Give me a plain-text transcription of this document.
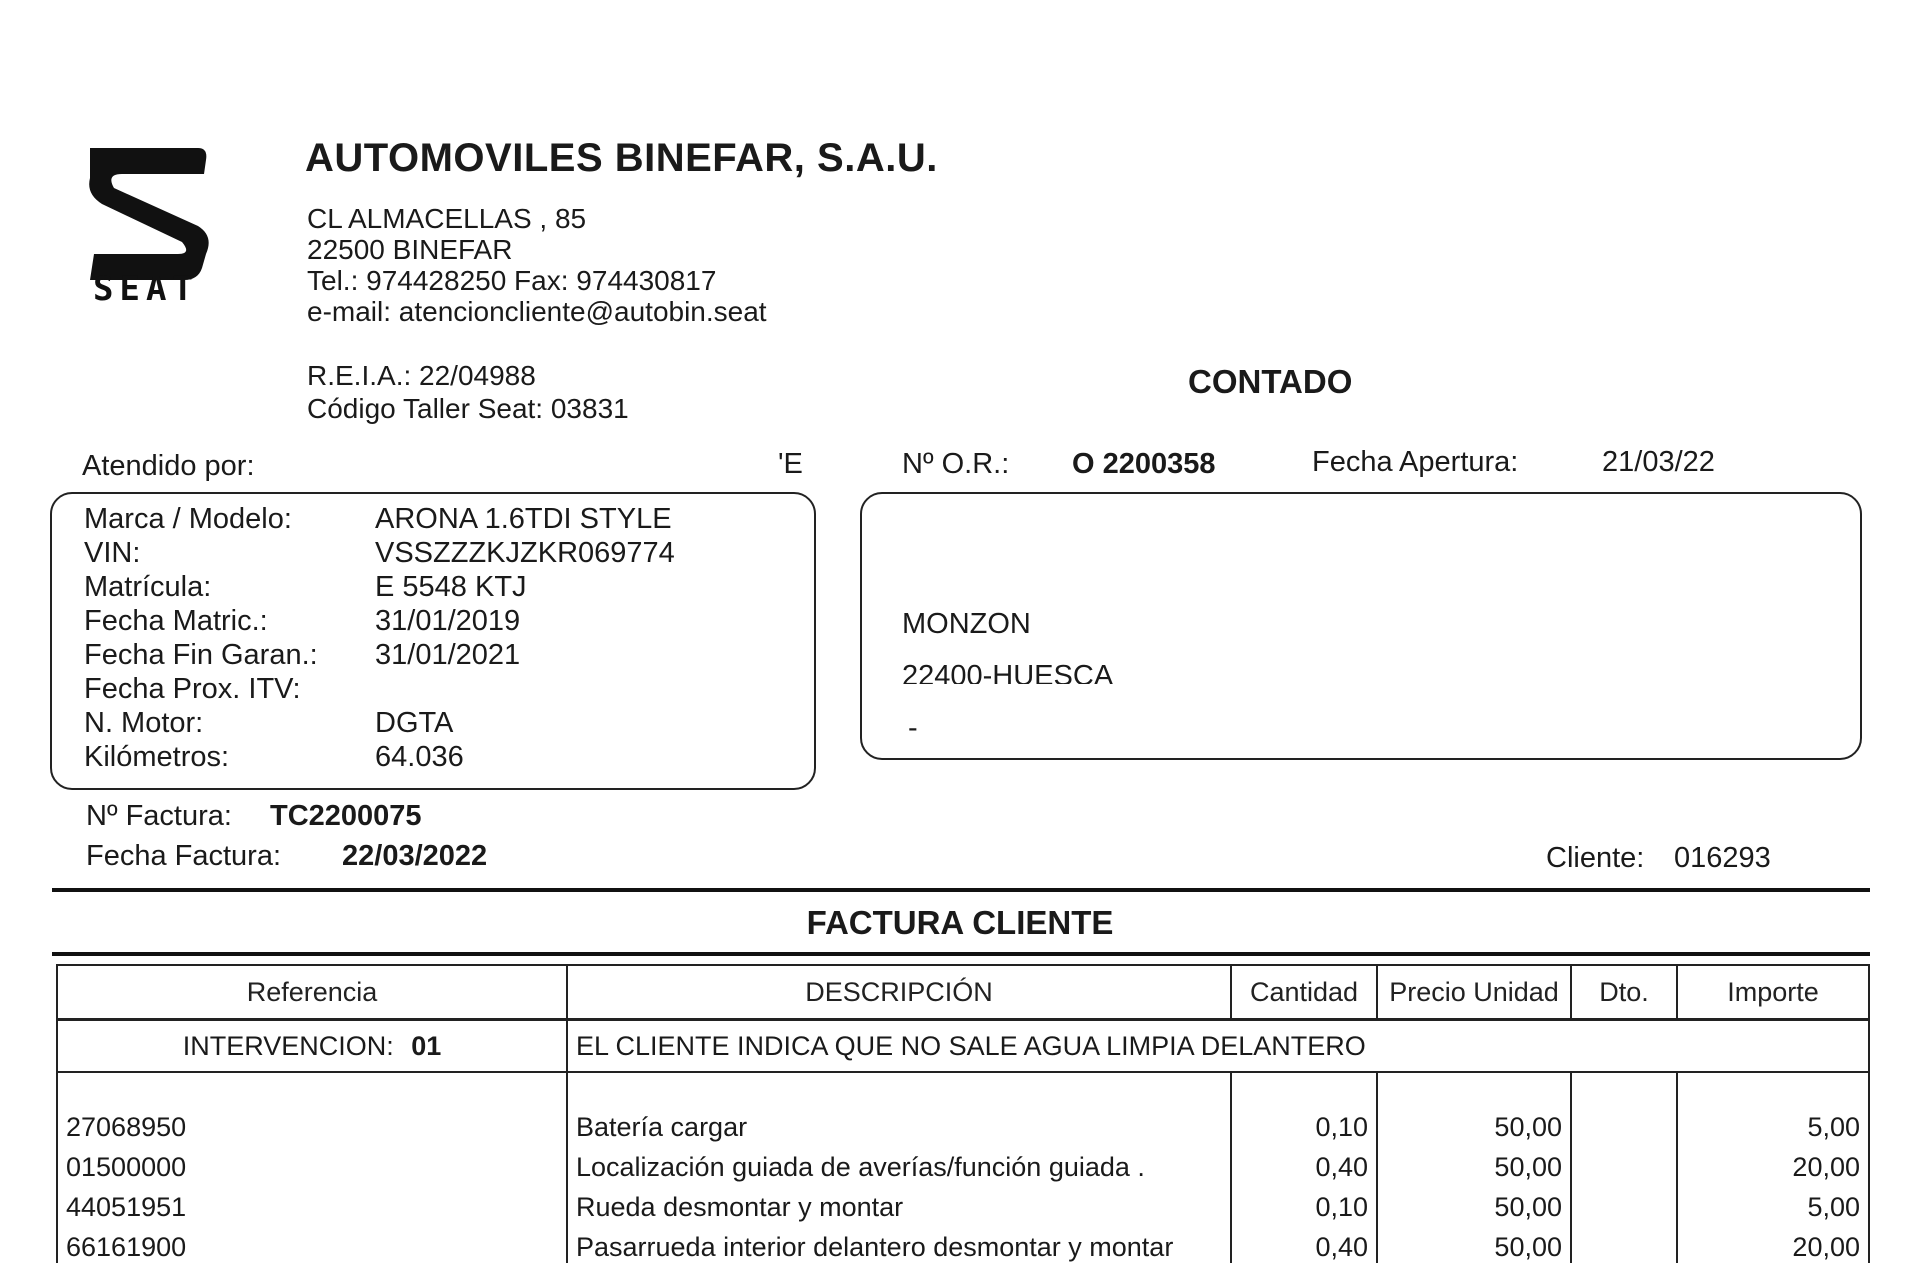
SEAT
AUTOMOVILES BINEFAR, S.A.U.
CL ALMACELLAS , 85
22500 BINEFAR
Tel.: 974428250 Fax: 974430817
e-mail: atencioncliente@autobin.seat
R.E.I.A.: 22/04988
Código Taller Seat: 03831
CONTADO
Atendido por:	'E	Nº O.R.: O 2200358	Fecha Apertura:	21/03/22
Marca / Modelo:	ARONA 1.6TDI STYLE
VIN:	VSSZZZKJZKR069774
Matrícula:	E 5548 KTJ
Fecha Matric.:	31/01/2019
Fecha Fin Garan.: 31/01/2021
Fecha Prox. ITV:
N. Motor:	DGTA
Kilómetros:	64.036
MONZON
22400-HUESCA
-
Nº Factura: TC2200075
Fecha Factura: 22/03/2022	Cliente: 016293
FACTURA CLIENTE
Referencia	DESCRIPCIÓN	Cantidad	Precio Unidad	Dto.	Importe
INTERVENCION: 01	EL CLIENTE INDICA QUE NO SALE AGUA LIMPIA DELANTERO				

27068950	Batería cargar	0,10	50,00		5,00
01500000	Localización guiada de averías/función guiada .	0,40	50,00		20,00
44051951	Rueda desmontar y montar	0,10	50,00		5,00
66161900	Pasarrueda interior delantero desmontar y montar	0,40	50,00		20,00
